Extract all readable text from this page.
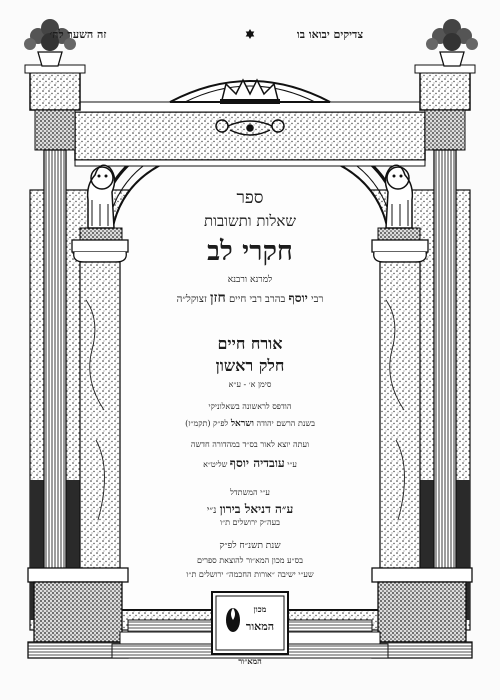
זה השער לה׳	צדיקים יבואו בו
ספר
שאלות ותשובות
חקרי לב
למרנא ורבנא
רבי יוסף בהרב רבי חיים חזן זצוקל״ה
אורח חיים
חלק ראשון
סימן א׳ - ע״א
הודפס לראשונה בשאלוניקי
בשנת הרשם יהודה ושראל לפ״ק (תקמ״ז)
ועתה יוצא לאור בס״ד במהדורה חדשה
ע״י עובדיה יוסף שליט״א
ע״י המשתדל
ע״ה דניאל בירון נ״י
בעה״ק ירושלים ת״ו
שנת תשנ״ח לפ״ק
בס״ע מכון המא״ור להוצאת ספרים
שע״י ישיבה ״אורות החכמה״ ירושלים ת״ו
מכון
המאור
המא״ור
